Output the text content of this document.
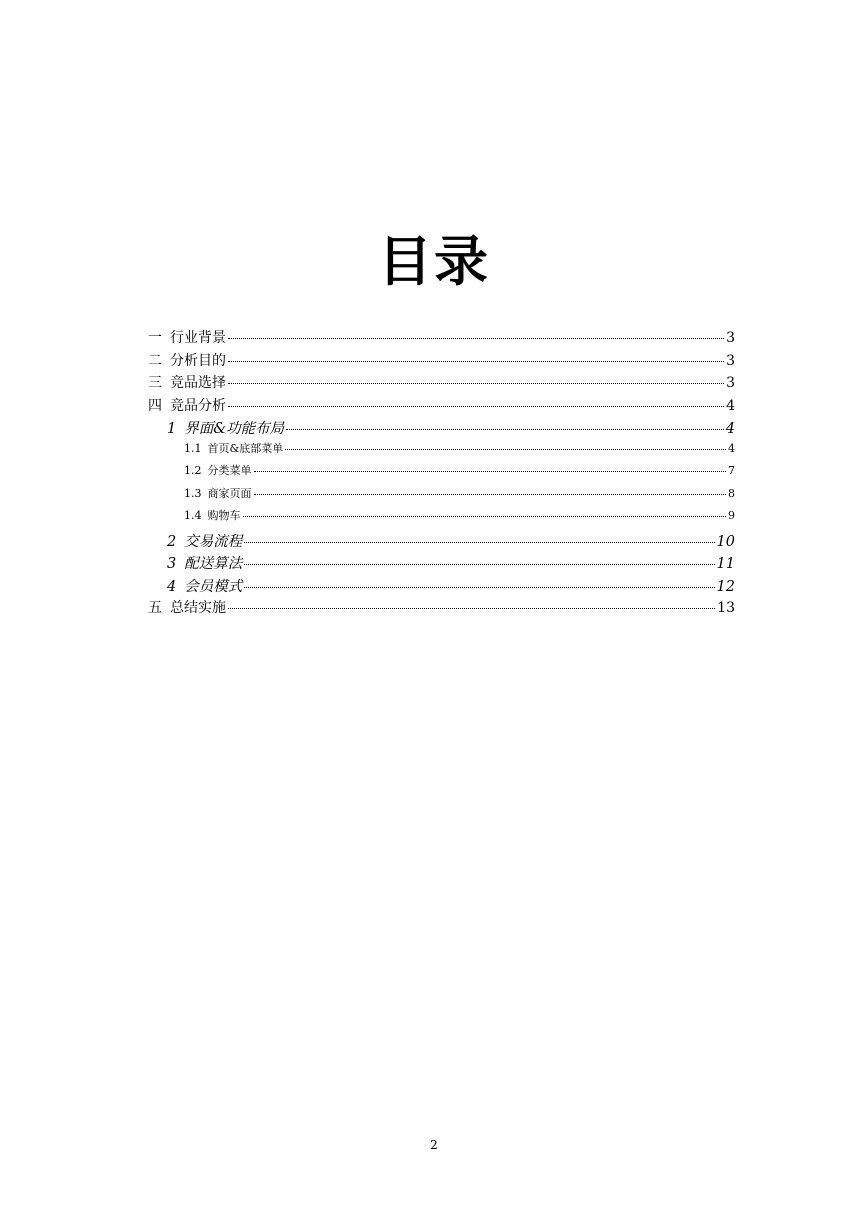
目录
一 行业背景	3
二 分析目的	3
三 竞品选择	3
四 竞品分析	4
1 界面&功能布局	4
1.1 首页&底部菜单	4
1.2 分类菜单	7
1.3 商家页面	8
1.4 购物车	9
2 交易流程	10
3 配送算法	11
4 会员模式	12
五 总结实施	13
2
